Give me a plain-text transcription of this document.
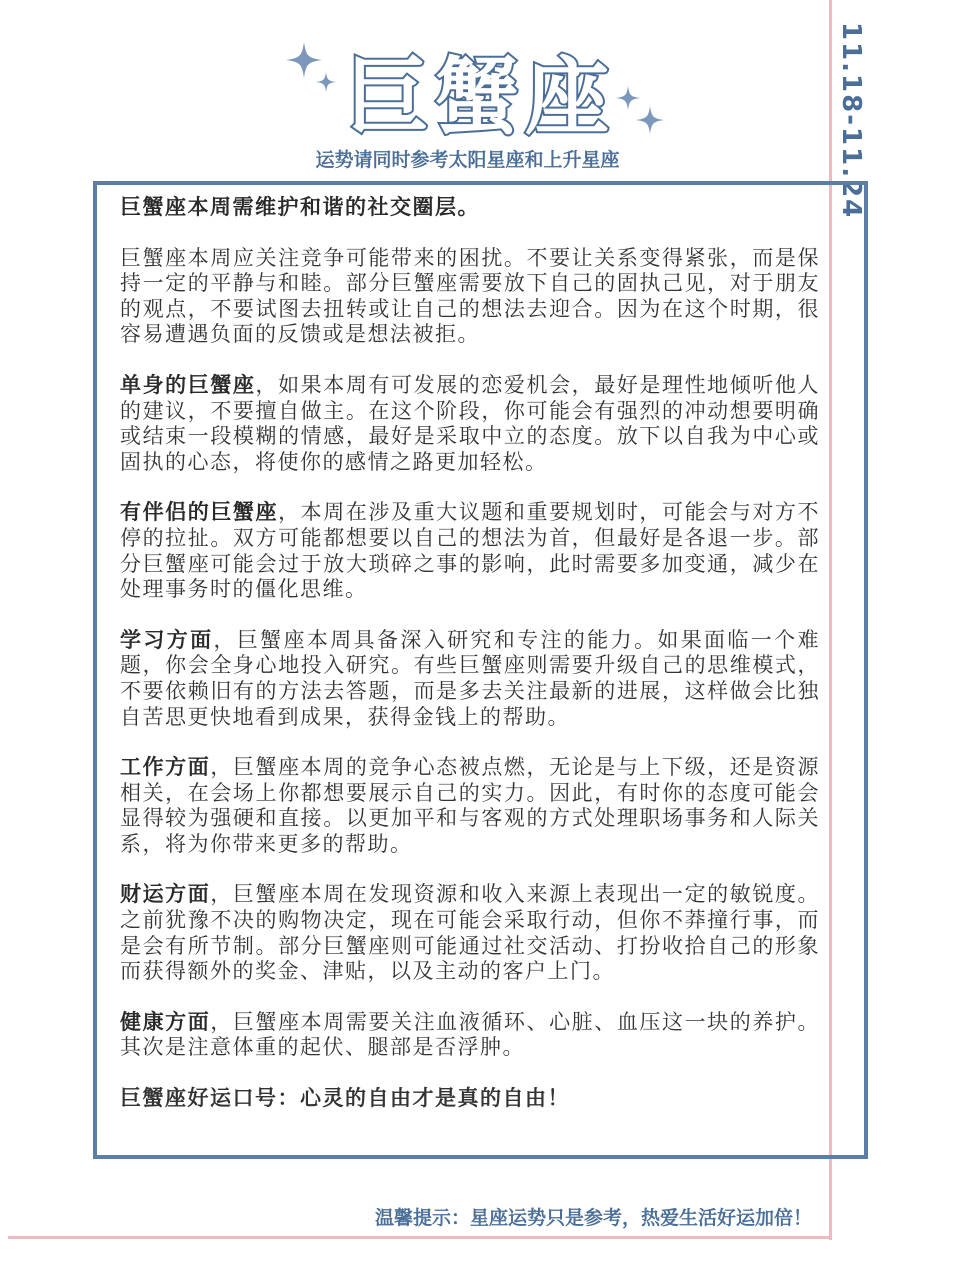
11.18-11.24
巨蟹座
运势请同时参考太阳星座和上升星座

巨蟹座本周需维护和谐的社交圈层。

巨蟹座本周应关注竞争可能带来的困扰。不要让关系变得紧张，而是保持一定的平静与和睦。部分巨蟹座需要放下自己的固执己见，对于朋友的观点，不要试图去扭转或让自己的想法去迎合。因为在这个时期，很容易遭遇负面的反馈或是想法被拒。

单身的巨蟹座，如果本周有可发展的恋爱机会，最好是理性地倾听他人的建议，不要擅自做主。在这个阶段，你可能会有强烈的冲动想要明确或结束一段模糊的情感，最好是采取中立的态度。放下以自我为中心或固执的心态，将使你的感情之路更加轻松。

有伴侣的巨蟹座，本周在涉及重大议题和重要规划时，可能会与对方不停的拉扯。双方可能都想要以自己的想法为首，但最好是各退一步。部分巨蟹座可能会过于放大琐碎之事的影响，此时需要多加变通，减少在处理事务时的僵化思维。

学习方面，巨蟹座本周具备深入研究和专注的能力。如果面临一个难题，你会全身心地投入研究。有些巨蟹座则需要升级自己的思维模式，不要依赖旧有的方法去答题，而是多去关注最新的进展，这样做会比独自苦思更快地看到成果，获得金钱上的帮助。

工作方面，巨蟹座本周的竞争心态被点燃，无论是与上下级，还是资源相关，在会场上你都想要展示自己的实力。因此，有时你的态度可能会显得较为强硬和直接。以更加平和与客观的方式处理职场事务和人际关系，将为你带来更多的帮助。

财运方面，巨蟹座本周在发现资源和收入来源上表现出一定的敏锐度。之前犹豫不决的购物决定，现在可能会采取行动，但你不莽撞行事，而是会有所节制。部分巨蟹座则可能通过社交活动、打扮收拾自己的形象而获得额外的奖金、津贴，以及主动的客户上门。

健康方面，巨蟹座本周需要关注血液循环、心脏、血压这一块的养护。其次是注意体重的起伏、腿部是否浮肿。

巨蟹座好运口号：心灵的自由才是真的自由！

温馨提示：星座运势只是参考，热爱生活好运加倍！
